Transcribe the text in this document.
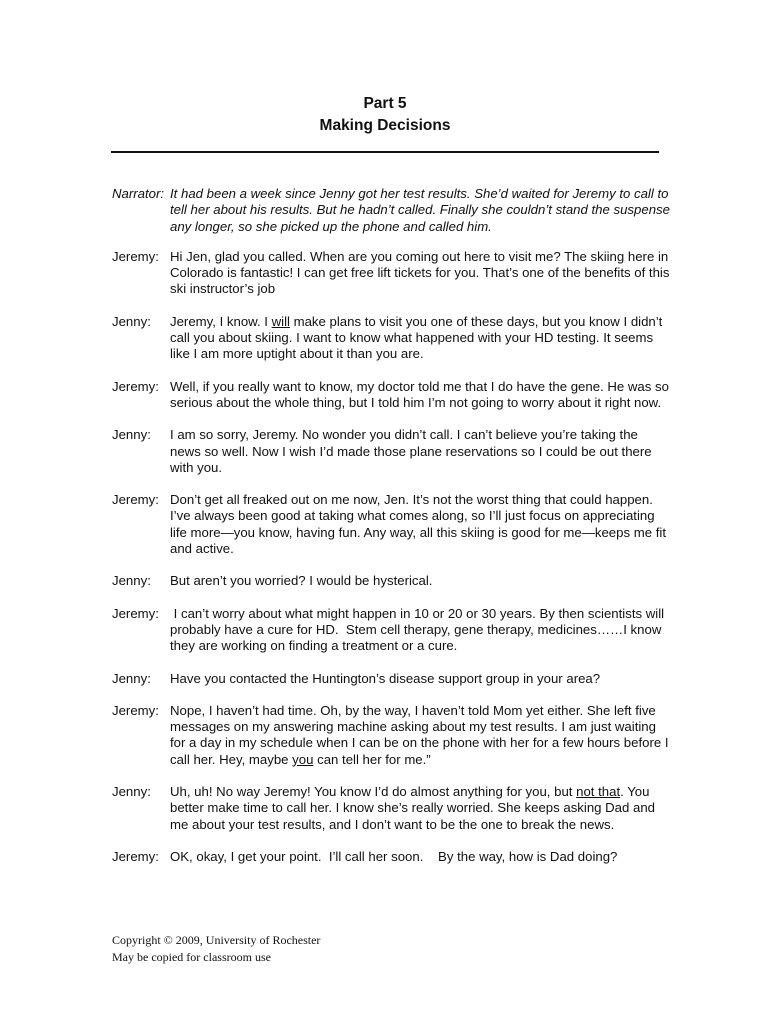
Part 5
Making Decisions
Narrator: It had been a week since Jenny got her test results. She’d waited for Jeremy to call to tell her about his results. But he hadn’t called. Finally she couldn’t stand the suspense any longer, so she picked up the phone and called him.
Jeremy: Hi Jen, glad you called. When are you coming out here to visit me? The skiing here in Colorado is fantastic! I can get free lift tickets for you. That’s one of the benefits of this ski instructor’s job
Jenny:	Jeremy, I know. I will make plans to visit you one of these days, but you know I didn’t call you about skiing. I want to know what happened with your HD testing. It seems like I am more uptight about it than you are.
Jeremy: Well, if you really want to know, my doctor told me that I do have the gene. He was so serious about the whole thing, but I told him I’m not going to worry about it right now.
Jenny:	I am so sorry, Jeremy. No wonder you didn’t call. I can’t believe you’re taking the news so well. Now I wish I’d made those plane reservations so I could be out there with you.
Jeremy: Don’t get all freaked out on me now, Jen. It’s not the worst thing that could happen. I’ve always been good at taking what comes along, so I’ll just focus on appreciating life more—you know, having fun. Any way, all this skiing is good for me—keeps me fit and active.
Jenny:	But aren’t you worried? I would be hysterical.
Jeremy: I can’t worry about what might happen in 10 or 20 or 30 years. By then scientists will probably have a cure for HD.  Stem cell therapy, gene therapy, medicines……I know they are working on finding a treatment or a cure.
Jenny:	Have you contacted the Huntington’s disease support group in your area?
Jeremy: Nope, I haven’t had time. Oh, by the way, I haven’t told Mom yet either. She left five messages on my answering machine asking about my test results. I am just waiting for a day in my schedule when I can be on the phone with her for a few hours before I call her. Hey, maybe you can tell her for me.”
Jenny:	Uh, uh! No way Jeremy! You know I’d do almost anything for you, but not that. You better make time to call her. I know she’s really worried. She keeps asking Dad and me about your test results, and I don’t want to be the one to break the news.
Jeremy: OK, okay, I get your point.  I’ll call her soon.    By the way, how is Dad doing?
Copyright © 2009, University of Rochester
May be copied for classroom use
